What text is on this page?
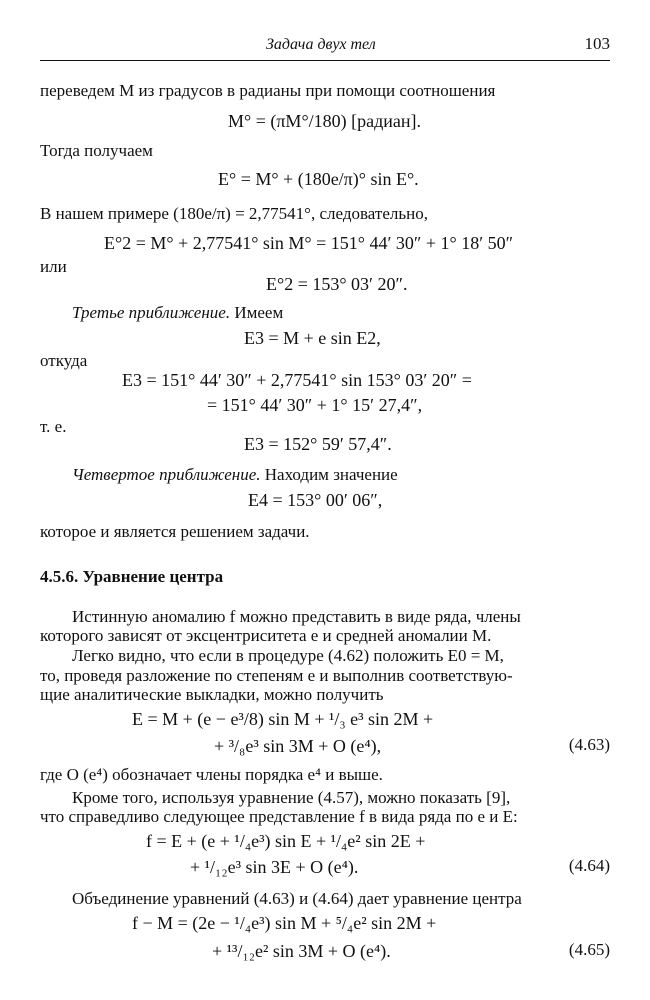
Задача двух тел	103
переведем M из градусов в радианы при помощи соотношения
M° = (πM°/180) [радиан].
Тогда получаем
E° = M° + (180e/π)° sin E°.
В нашем примере (180e/π) = 2,77541°, следовательно,
E°2 = M° + 2,77541° sin M° = 151° 44′ 30″ + 1° 18′ 50″
или
E°2 = 153° 03′ 20″.
Третье приближение. Имеем
E3 = M + e sin E2,
откуда
E3 = 151° 44′ 30″ + 2,77541° sin 153° 03′ 20″ =
= 151° 44′ 30″ + 1° 15′ 27,4″,
т. е.
E3 = 152° 59′ 57,4″.
Четвертое приближение. Находим значение
E4 = 153° 00′ 06″,
которое и является решением задачи.
4.5.6. Уравнение центра
Истинную аномалию f можно представить в виде ряда, члены
которого зависят от эксцентриситета e и средней аномалии M.
Легко видно, что если в процедуре (4.62) положить E0 = M,
то, проведя разложение по степеням e и выполнив соответствую-
щие аналитические выкладки, можно получить
E = M + (e − e³/8) sin M + ¹/₃ e³ sin 2M +
+ ³/₈e³ sin 3M + O (e⁴),	(4.63)
где O (e⁴) обозначает члены порядка e⁴ и выше.
Кроме того, используя уравнение (4.57), можно показать [9],
что справедливо следующее представление f в вида ряда по e и E:
f = E + (e + ¹/₄e³) sin E + ¹/₄e² sin 2E +
+ ¹/₁₂e³ sin 3E + O (e⁴).	(4.64)
Объединение уравнений (4.63) и (4.64) дает уравнение центра
f − M = (2e − ¹/₄e³) sin M + ⁵/₄e² sin 2M +
+ ¹³/₁₂e² sin 3M + O (e⁴).	(4.65)
